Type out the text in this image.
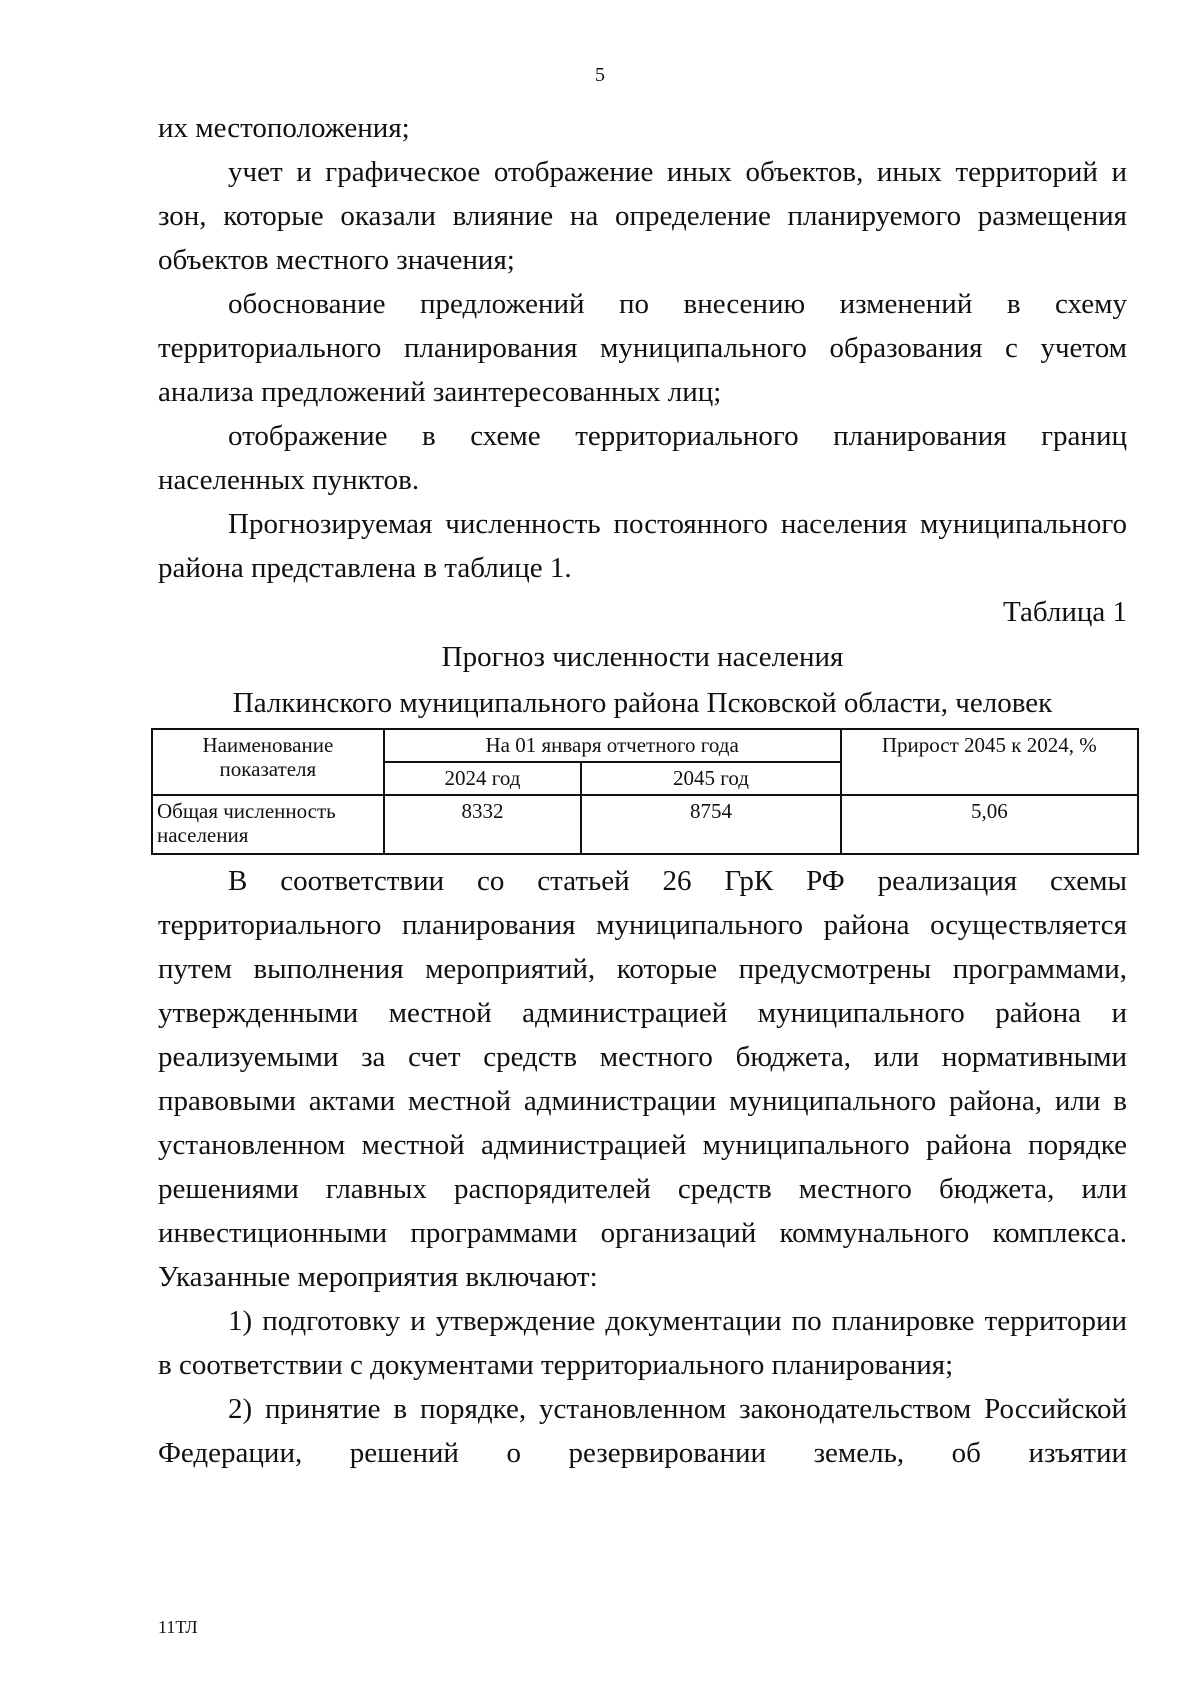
5

их местоположения;

учет и графическое отображение иных объектов, иных территорий и зон, которые оказали влияние на определение планируемого размещения объектов местного значения;

обоснование предложений по внесению изменений в схему территориального планирования муниципального образования с учетом анализа предложений заинтересованных лиц;

отображение в схеме территориального планирования границ населенных пунктов.

Прогнозируемая численность постоянного населения муниципального района представлена в таблице 1.

Таблица 1

Прогноз численности населения

Палкинского муниципального района Псковской области, человек

Наименование показателя	На 01 января отчетного года		Прирост 2045 к 2024, %
	2024 год	2045 год	
Общая численность населения	8332	8754	5,06

В соответствии со статьей 26 ГрК РФ реализация схемы территориального планирования муниципального района осуществляется путем выполнения мероприятий, которые предусмотрены программами, утвержденными местной администрацией муниципального района и реализуемыми за счет средств местного бюджета, или нормативными правовыми актами местной администрации муниципального района, или в установленном местной администрацией муниципального района порядке решениями главных распорядителей средств местного бюджета, или инвестиционными программами организаций коммунального комплекса. Указанные мероприятия включают:

1) подготовку и утверждение документации по планировке территории в соответствии с документами территориального планирования;

2) принятие в порядке, установленном законодательством Российской Федерации, решений о резервировании земель, об изъятии

11ТЛ
